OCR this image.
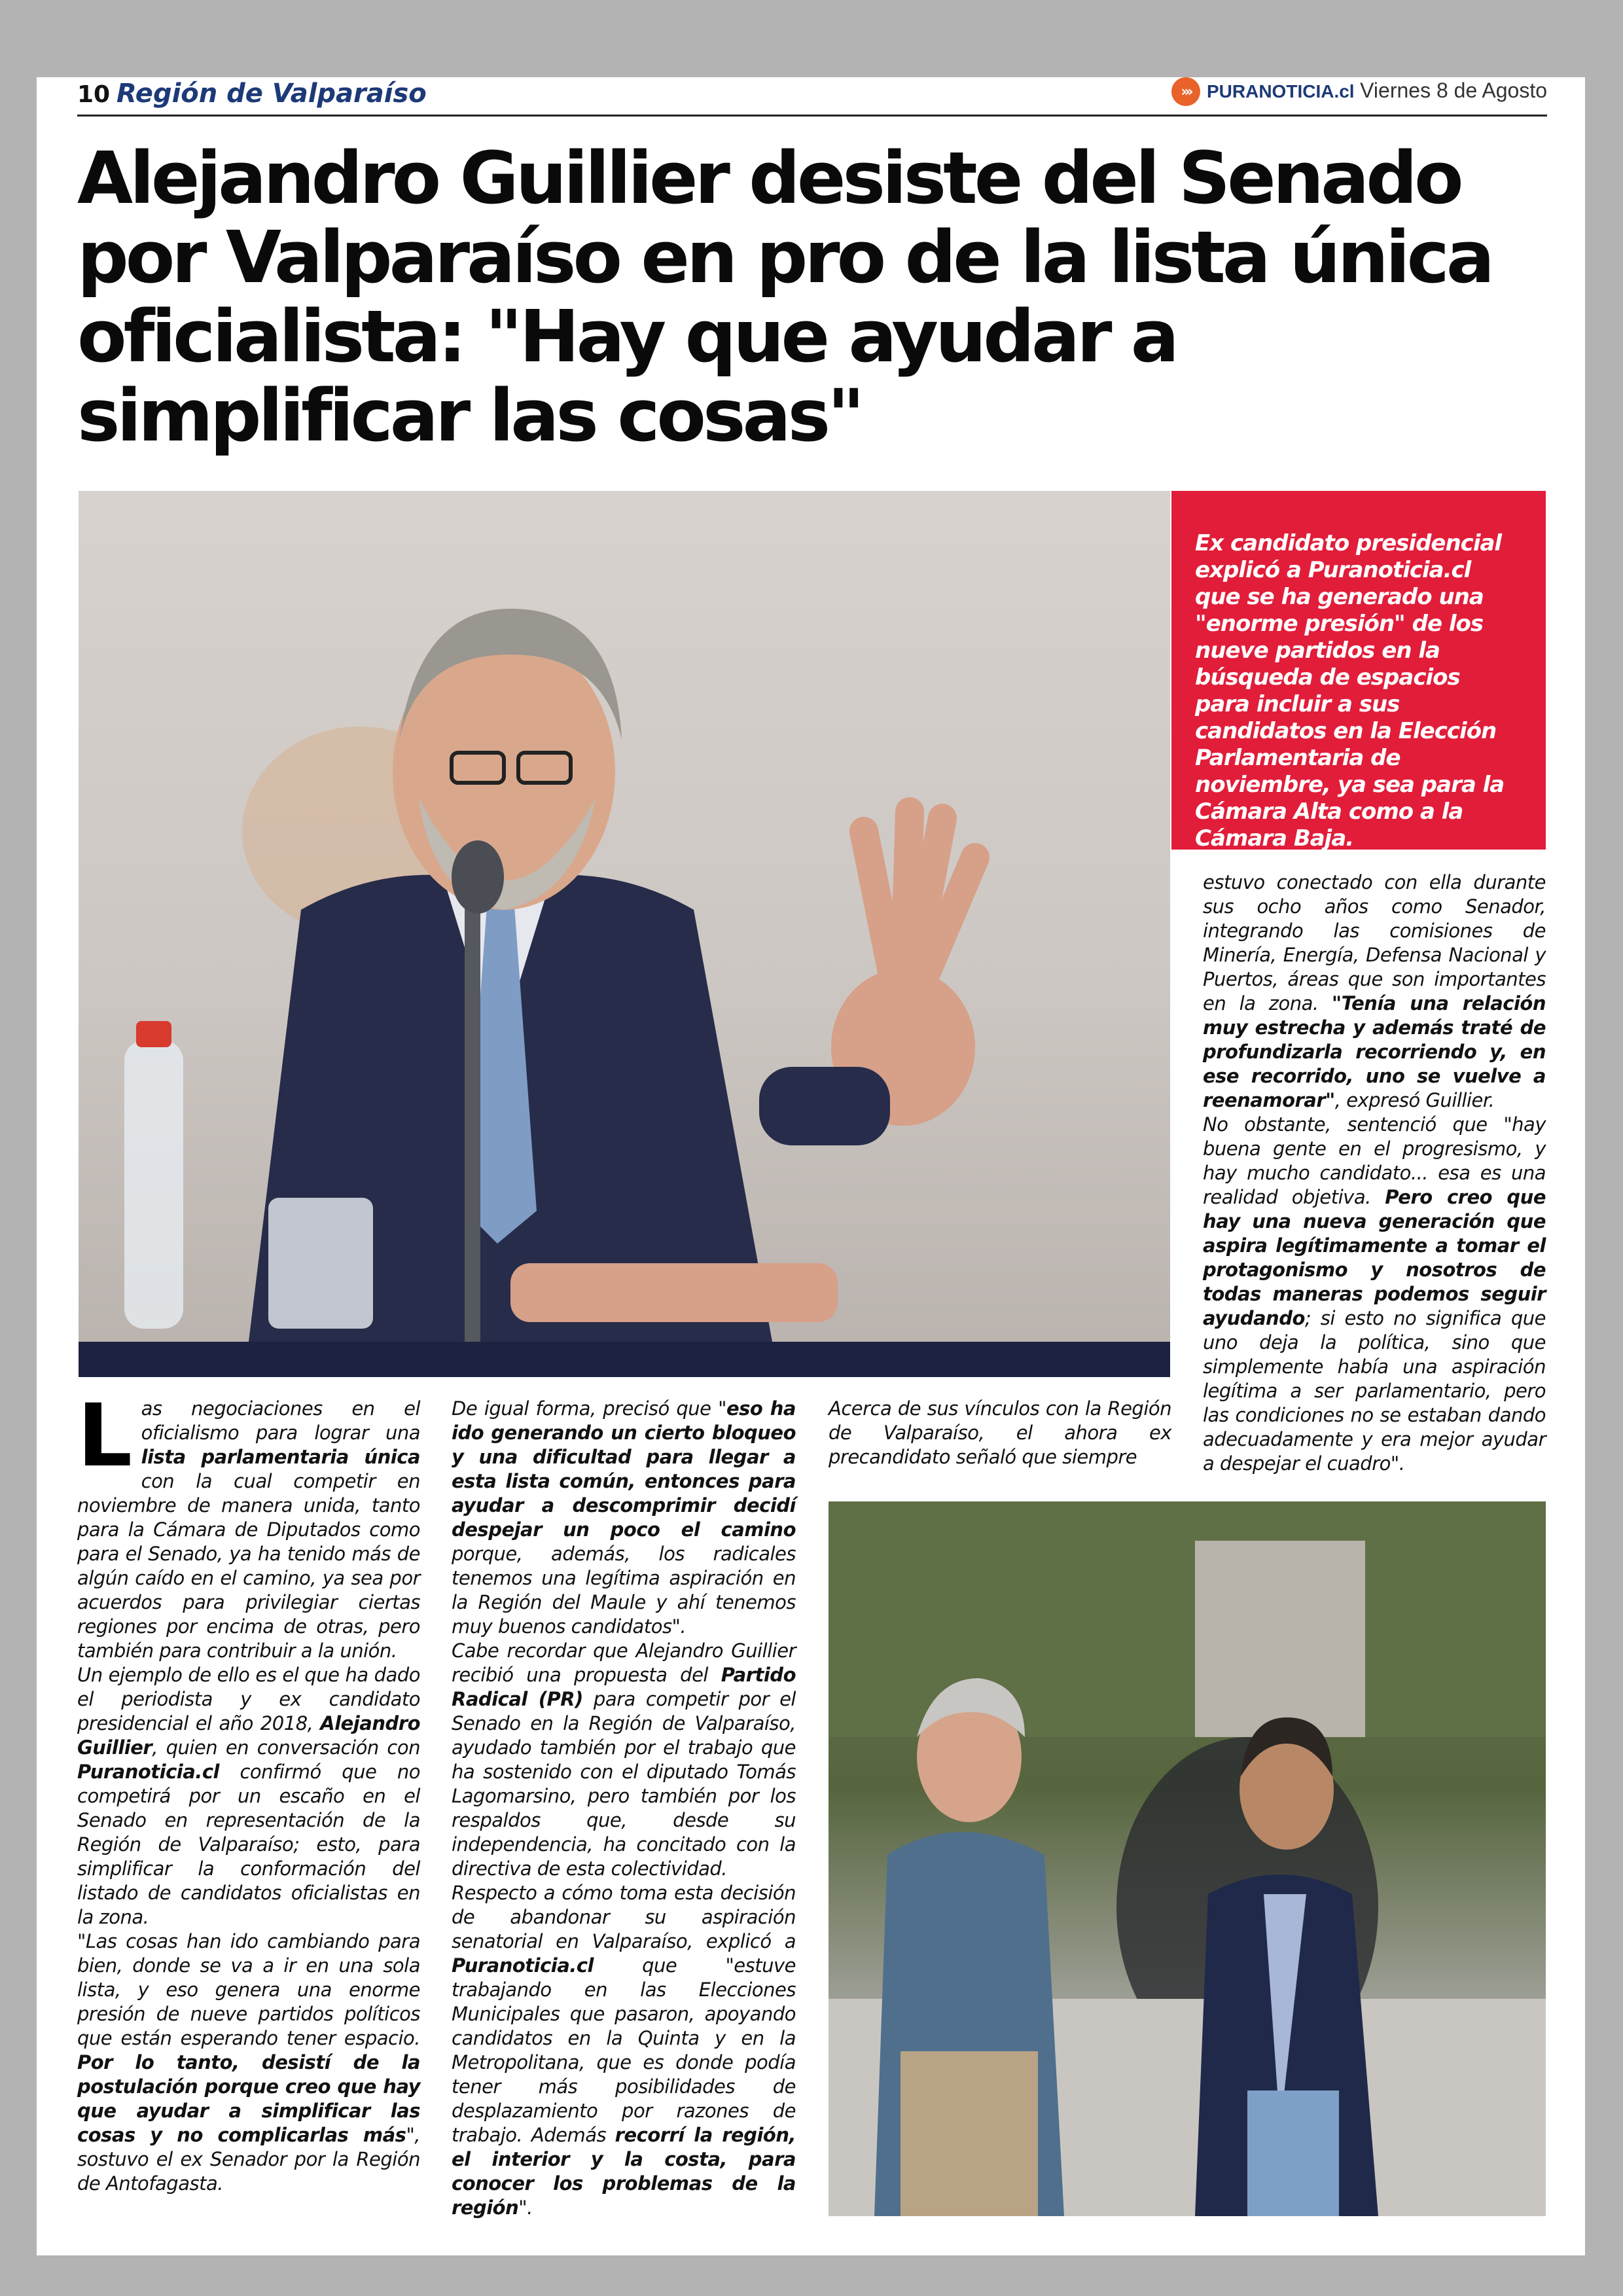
10 Región de Valparaíso	››› PURANOTICIA.cl Viernes 8 de Agosto
Alejandro Guillier desiste del Senado por Valparaíso en pro de la lista única oficialista: "Hay que ayudar a simplificar las cosas"

Ex candidato presidencial explicó a Puranoticia.cl que se ha generado una "enorme presión" de los nueve partidos en la búsqueda de espacios para incluir a sus candidatos en la Elección Parlamentaria de noviembre, ya sea para la Cámara Alta como a la Cámara Baja.

Las negociaciones en el oficialismo para lograr una lista parlamentaria única con la cual competir en noviembre de manera unida, tanto para la Cámara de Diputados como para el Senado, ya ha tenido más de algún caído en el camino, ya sea por acuerdos para privilegiar ciertas regiones por encima de otras, pero también para contribuir a la unión.

Un ejemplo de ello es el que ha dado el periodista y ex candidato presidencial el año 2018, Alejandro Guillier, quien en conversación con Puranoticia.cl confirmó que no competirá por un escaño en el Senado en representación de la Región de Valparaíso; esto, para simplificar la conformación del listado de candidatos oficialistas en la zona.

"Las cosas han ido cambiando para bien, donde se va a ir en una sola lista, y eso genera una enorme presión de nueve partidos políticos que están esperando tener espacio. Por lo tanto, desistí de la postulación porque creo que hay que ayudar a simplificar las cosas y no complicarlas más", sostuvo el ex Senador por la Región de Antofagasta.

De igual forma, precisó que "eso ha ido generando un cierto bloqueo y una dificultad para llegar a esta lista común, entonces para ayudar a descomprimir decidí despejar un poco el camino porque, además, los radicales tenemos una legítima aspiración en la Región del Maule y ahí tenemos muy buenos candidatos".

Cabe recordar que Alejandro Guillier recibió una propuesta del Partido Radical (PR) para competir por el Senado en la Región de Valparaíso, ayudado también por el trabajo que ha sostenido con el diputado Tomás Lagomarsino, pero también por los respaldos que, desde su independencia, ha concitado con la directiva de esta colectividad.

Respecto a cómo toma esta decisión de abandonar su aspiración senatorial en Valparaíso, explicó a Puranoticia.cl que "estuve trabajando en las Elecciones Municipales que pasaron, apoyando candidatos en la Quinta y en la Metropolitana, que es donde podía tener más posibilidades de desplazamiento por razones de trabajo. Además recorrí la región, el interior y la costa, para conocer los problemas de la región".

Acerca de sus vínculos con la Región de Valparaíso, el ahora ex precandidato señaló que siempre

estuvo conectado con ella durante sus ocho años como Senador, integrando las comisiones de Minería, Energía, Defensa Nacional y Puertos, áreas que son importantes en la zona. "Tenía una relación muy estrecha y además traté de profundizarla recorriendo y, en ese recorrido, uno se vuelve a reenamorar", expresó Guillier.

No obstante, sentenció que "hay buena gente en el progresismo, y hay mucho candidato... esa es una realidad objetiva. Pero creo que hay una nueva generación que aspira legítimamente a tomar el protagonismo y nosotros de todas maneras podemos seguir ayudando; si esto no significa que uno deja la política, sino que simplemente había una aspiración legítima a ser parlamentario, pero las condiciones no se estaban dando adecuadamente y era mejor ayudar a despejar el cuadro".
